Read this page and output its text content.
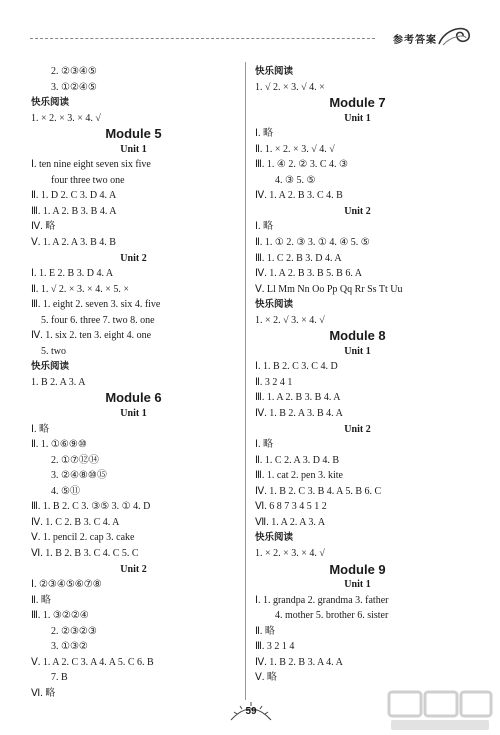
参考答案
2. ②③④⑤
3. ①②④⑤
快乐阅读
1. × 2. × 3. × 4. √
Module 5
Unit 1
Ⅰ. ten nine eight seven six five
four three two one
Ⅱ. 1. D 2. C 3. D 4. A
Ⅲ. 1. A 2. B 3. B 4. A
Ⅳ. 略
Ⅴ. 1. A 2. A 3. B 4. B
Unit 2
Ⅰ. 1. E 2. B 3. D 4. A
Ⅱ. 1. √ 2. × 3. × 4. × 5. ×
Ⅲ. 1. eight 2. seven 3. six 4. five
5. four 6. three 7. two 8. one
Ⅳ. 1. six 2. ten 3. eight 4. one
5. two
快乐阅读
1. B 2. A 3. A
Module 6
Unit 1
Ⅰ. 略
Ⅱ. 1. ①⑥⑨⑩
2. ①⑦⑫⑭
3. ②④⑧⑩⑮
4. ⑤⑪
Ⅲ. 1. B 2. C 3. ③⑤ 3. ① 4. D
Ⅳ. 1. C 2. B 3. C 4. A
Ⅴ. 1. pencil 2. cap 3. cake
Ⅵ. 1. B 2. B 3. C 4. C 5. C
Unit 2
Ⅰ. ②③④⑤⑥⑦⑧
Ⅱ. 略
Ⅲ. 1. ③②②④
2. ②③②③
3. ①③②
Ⅴ. 1. A 2. C 3. A 4. A 5. C 6. B
7. B
Ⅵ. 略
快乐阅读
1. √ 2. × 3. √ 4. ×
Module 7
Unit 1
Ⅰ. 略
Ⅱ. 1. × 2. × 3. √ 4. √
Ⅲ. 1. ④ 2. ② 3. C 4. ③
4. ③ 5. ⑤
Ⅳ. 1. A 2. B 3. C 4. B
Unit 2
Ⅰ. 略
Ⅱ. 1. ① 2. ③ 3. ① 4. ④ 5. ⑤
Ⅲ. 1. C 2. B 3. D 4. A
Ⅳ. 1. A 2. B 3. B 5. B 6. A
Ⅴ. Ll Mm Nn Oo Pp Qq Rr Ss Tt Uu
快乐阅读
1. × 2. √ 3. × 4. √
Module 8
Unit 1
Ⅰ. 1. B 2. C 3. C 4. D
Ⅱ. 3 2 4 1
Ⅲ. 1. A 2. B 3. B 4. A
Ⅳ. 1. B 2. A 3. B 4. A
Unit 2
Ⅰ. 略
Ⅱ. 1. C 2. A 3. D 4. B
Ⅲ. 1. cat 2. pen 3. kite
Ⅳ. 1. B 2. C 3. B 4. A 5. B 6. C
Ⅵ. 6 8 7 3 4 5 1 2
Ⅶ. 1. A 2. A 3. A
快乐阅读
1. × 2. × 3. × 4. √
Module 9
Unit 1
Ⅰ. 1. grandpa 2. grandma 3. father
4. mother 5. brother 6. sister
Ⅱ. 略
Ⅲ. 3 2 1 4
Ⅳ. 1. B 2. B 3. A 4. A
Ⅴ. 略
59
